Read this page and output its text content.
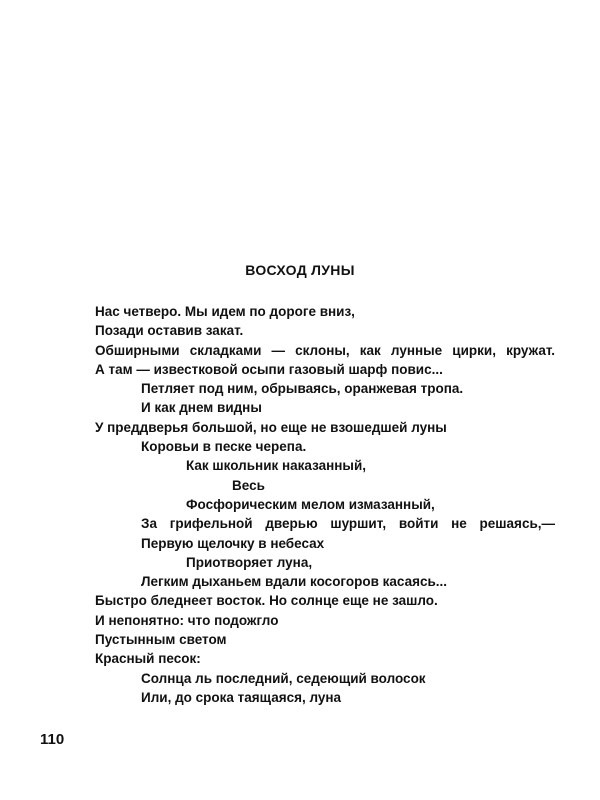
ВОСХОД ЛУНЫ
Нас четверо. Мы идем по дороге вниз,
Позади оставив закат.
Обширными складками — склоны, как лунные цирки, кружат.
А там — известковой осыпи газовый шарф повис...
Петляет под ним, обрываясь, оранжевая тропа.
И как днем видны
У преддверья большой, но еще не взошедшей луны
Коровьи в песке черепа.
Как школьник наказанный,
Весь
Фосфорическим мелом измазанный,
За грифельной дверью шуршит, войти не решаясь,—
Первую щелочку в небесах
Приотворяет луна,
Легким дыханьем вдали косогоров касаясь...
Быстро бледнеет восток. Но солнце еще не зашло.
И непонятно: что подожгло
Пустынным светом
Красный песок:
Солнца ль последний, седеющий волосок
Или, до срока таящаяся, луна
110
